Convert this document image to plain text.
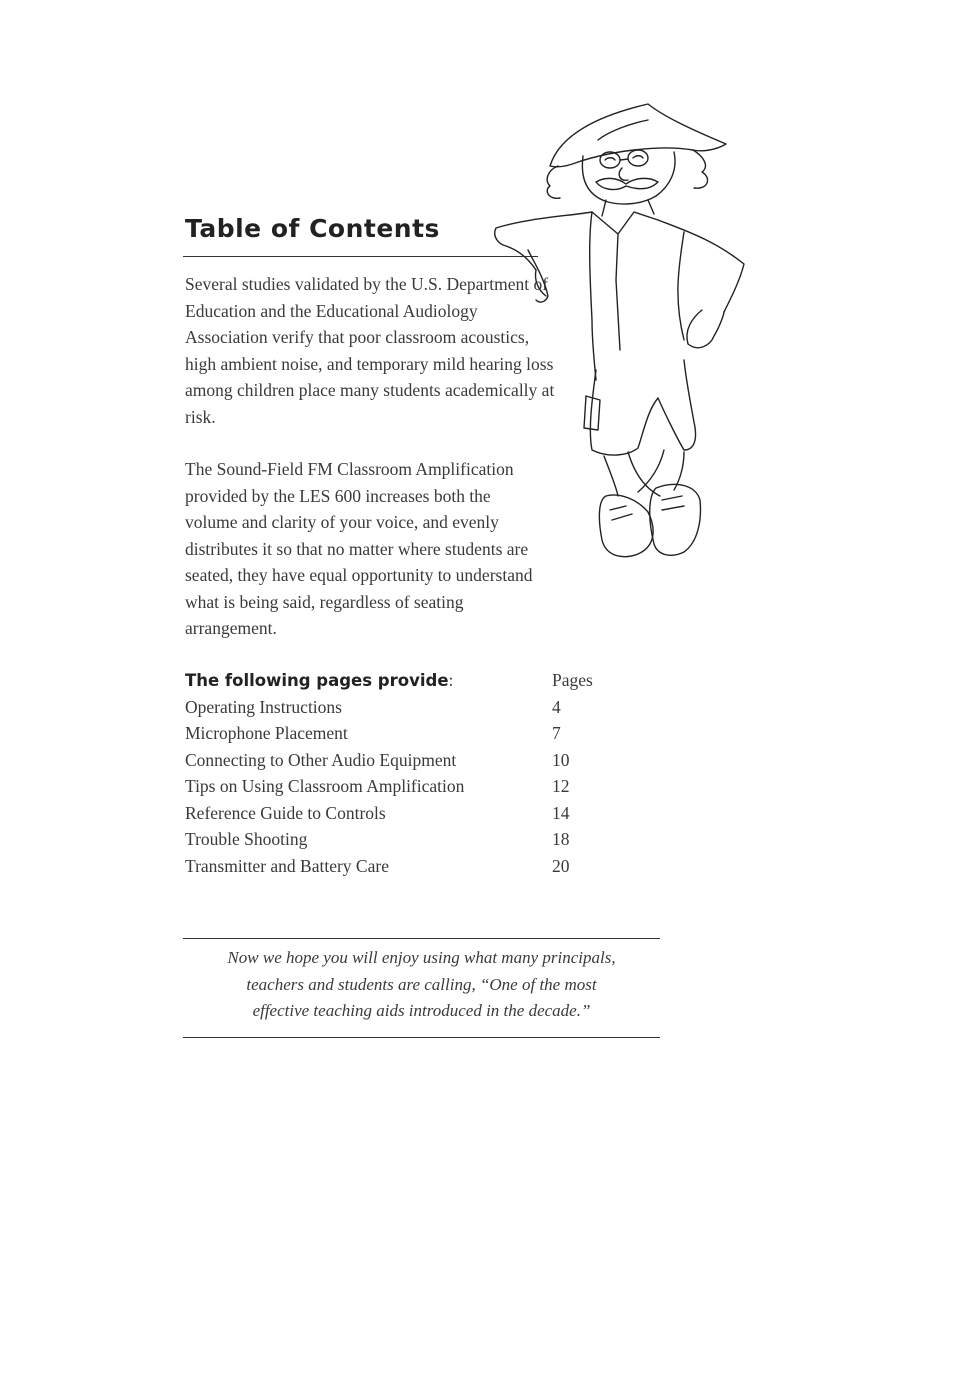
Table of Contents

Several studies validated by the U.S. Department of Education and the Educational Audiology Association verify that poor classroom acoustics, high ambient noise, and temporary mild hearing loss among children place many students academically at risk.

The Sound-Field FM Classroom Amplification provided by the LES 600 increases both the volume and clarity of your voice, and evenly distributes it so that no matter where students are seated, they have equal opportunity to understand what is being said, regardless of seating arrangement.

The following pages provide:	Pages
Operating Instructions	4
Microphone Placement	7
Connecting to Other Audio Equipment	10
Tips on Using Classroom Amplification	12
Reference Guide to Controls	14
Trouble Shooting	18
Transmitter and Battery Care	20

Now we hope you will enjoy using what many principals,
teachers and students are calling, “One of the most
effective teaching aids introduced in the decade.”
